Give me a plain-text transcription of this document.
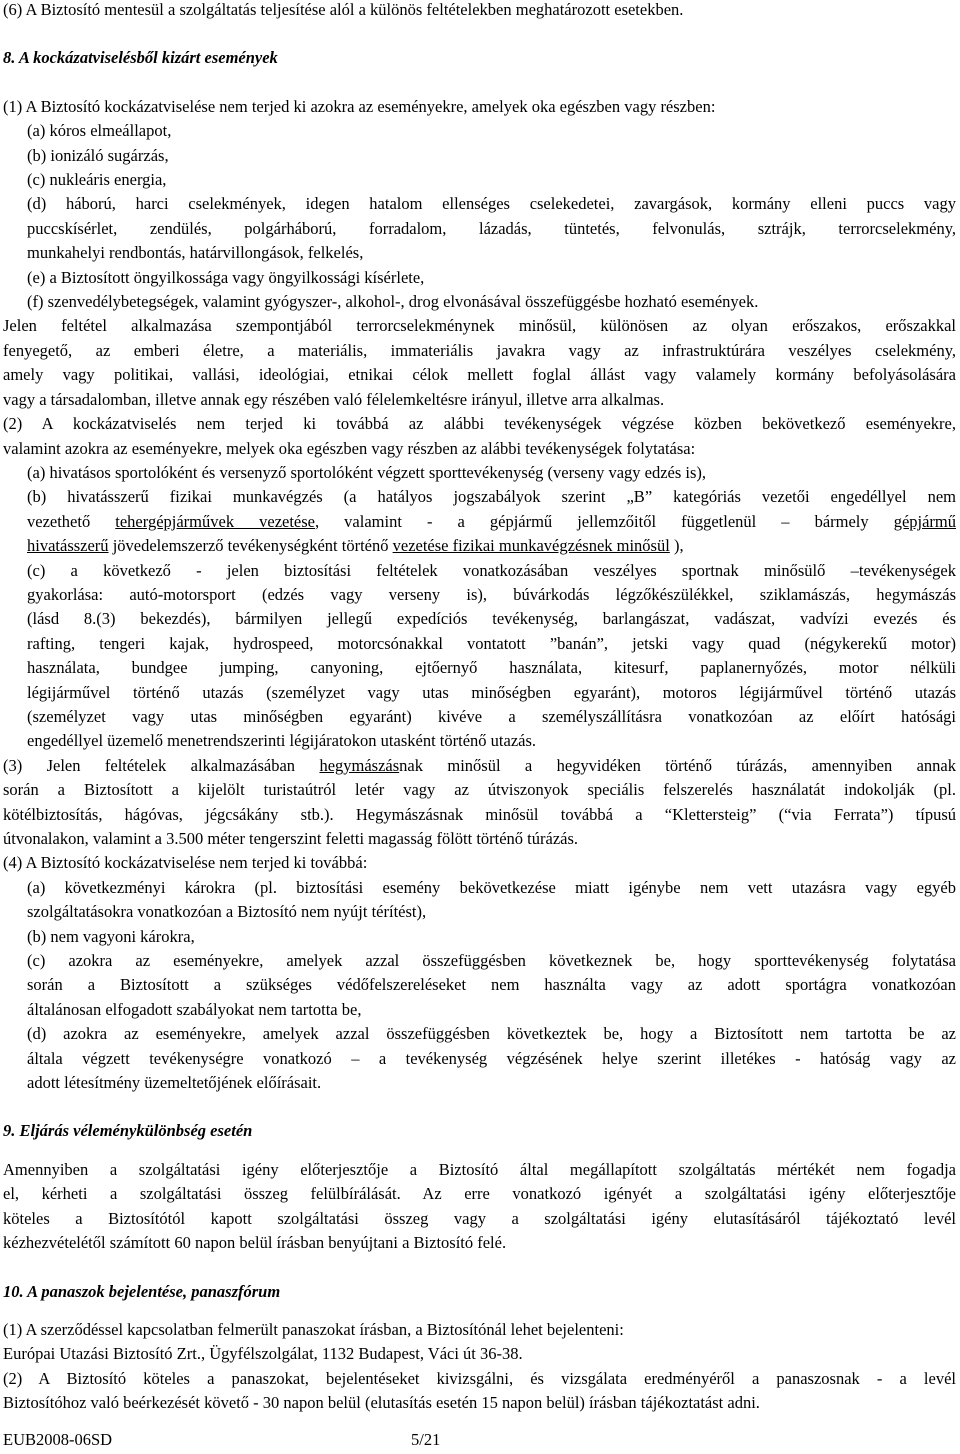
(6) A Biztosító mentesül a szolgáltatás teljesítése alól a különös feltételekben meghatározott esetekben.
8. A kockázatviselésből kizárt események
(1) A Biztosító kockázatviselése nem terjed ki azokra az eseményekre, amelyek oka egészben vagy részben:
(a) kóros elmeállapot,
(b) ionizáló sugárzás,
(c) nukleáris energia,
(d) háború, harci cselekmények, idegen hatalom ellenséges cselekedetei, zavargások, kormány elleni puccs vagy
puccskísérlet, zendülés, polgárháború, forradalom, lázadás, tüntetés, felvonulás, sztrájk, terrorcselekmény,
munkahelyi rendbontás, határvillongások, felkelés,
(e) a Biztosított öngyilkossága vagy öngyilkossági kísérlete,
(f) szenvedélybetegségek, valamint gyógyszer-, alkohol-, drog elvonásával összefüggésbe hozható események.
Jelen feltétel alkalmazása szempontjából terrorcselekménynek minősül, különösen az olyan erőszakos, erőszakkal
fenyegető, az emberi életre, a materiális, immateriális javakra vagy az infrastruktúrára veszélyes cselekmény,
amely vagy politikai, vallási, ideológiai, etnikai célok mellett foglal állást vagy valamely kormány befolyásolására
vagy a társadalomban, illetve annak egy részében való félelemkeltésre irányul, illetve arra alkalmas.
(2) A kockázatviselés nem terjed ki továbbá az alábbi tevékenységek végzése közben bekövetkező eseményekre,
valamint azokra az eseményekre, melyek oka egészben vagy részben az alábbi tevékenységek folytatása:
(a) hivatásos sportolóként és versenyző sportolóként végzett sporttevékenység (verseny vagy edzés is),
(b) hivatásszerű fizikai munkavégzés (a hatályos jogszabályok szerint „B” kategóriás vezetői engedéllyel nem
vezethető tehergépjárművek vezetése, valamint - a gépjármű jellemzőitől függetlenül – bármely gépjármű
hivatásszerű jövedelemszerző tevékenységként történő vezetése fizikai munkavégzésnek minősül ),
(c) a következő - jelen biztosítási feltételek vonatkozásában veszélyes sportnak minősülő –tevékenységek
gyakorlása: autó-motorsport (edzés vagy verseny is), búvárkodás légzőkészülékkel, sziklamászás, hegymászás
(lásd 8.(3) bekezdés), bármilyen jellegű expedíciós tevékenység, barlangászat, vadászat, vadvízi evezés és
rafting, tengeri kajak, hydrospeed, motorcsónakkal vontatott ”banán”, jetski vagy quad (négykerekű motor)
használata, bundgee jumping, canyoning, ejtőernyő használata, kitesurf, paplanernyőzés, motor nélküli
légijárművel történő utazás (személyzet vagy utas minőségben egyaránt), motoros légijárművel történő utazás
(személyzet vagy utas minőségben egyaránt) kivéve a személyszállításra vonatkozóan az előírt hatósági
engedéllyel üzemelő menetrendszerinti légijáratokon utasként történő utazás.
(3) Jelen feltételek alkalmazásában hegymászásnak minősül a hegyvidéken történő túrázás, amennyiben annak
során a Biztosított a kijelölt turistaútról letér vagy az útviszonyok speciális felszerelés használatát indokolják (pl.
kötélbiztosítás, hágóvas, jégcsákány stb.). Hegymászásnak minősül továbbá a “Klettersteig” (“via Ferrata”) típusú
útvonalakon, valamint a 3.500 méter tengerszint feletti magasság fölött történő túrázás.
(4) A Biztosító kockázatviselése nem terjed ki továbbá:
(a) következményi károkra (pl. biztosítási esemény bekövetkezése miatt igénybe nem vett utazásra vagy egyéb
szolgáltatásokra vonatkozóan a Biztosító nem nyújt térítést),
(b) nem vagyoni károkra,
(c) azokra az eseményekre, amelyek azzal összefüggésben következnek be, hogy sporttevékenység folytatása
során a Biztosított a szükséges védőfelszereléseket nem használta vagy az adott sportágra vonatkozóan
általánosan elfogadott szabályokat nem tartotta be,
(d) azokra az eseményekre, amelyek azzal összefüggésben következtek be, hogy a Biztosított nem tartotta be az
általa végzett tevékenységre vonatkozó – a tevékenység végzésének helye szerint illetékes - hatóság vagy az
adott létesítmény üzemeltetőjének előírásait.
9. Eljárás véleménykülönbség esetén
Amennyiben a szolgáltatási igény előterjesztője a Biztosító által megállapított szolgáltatás mértékét nem fogadja
el, kérheti a szolgáltatási összeg felülbírálását. Az erre vonatkozó igényét a szolgáltatási igény előterjesztője
köteles a Biztosítótól kapott szolgáltatási összeg vagy a szolgáltatási igény elutasításáról tájékoztató levél
kézhezvételétől számított 60 napon belül írásban benyújtani a Biztosító felé.
10. A panaszok bejelentése, panaszfórum
(1) A szerződéssel kapcsolatban felmerült panaszokat írásban, a Biztosítónál lehet bejelenteni:
Európai Utazási Biztosító Zrt., Ügyfélszolgálat, 1132 Budapest, Váci út 36-38.
(2) A Biztosító köteles a panaszokat, bejelentéseket kivizsgálni, és vizsgálata eredményéről a panaszosnak - a levél
Biztosítóhoz való beérkezését követő - 30 napon belül (elutasítás esetén 15 napon belül) írásban tájékoztatást adni.
EUB2008-06SD	5/21
